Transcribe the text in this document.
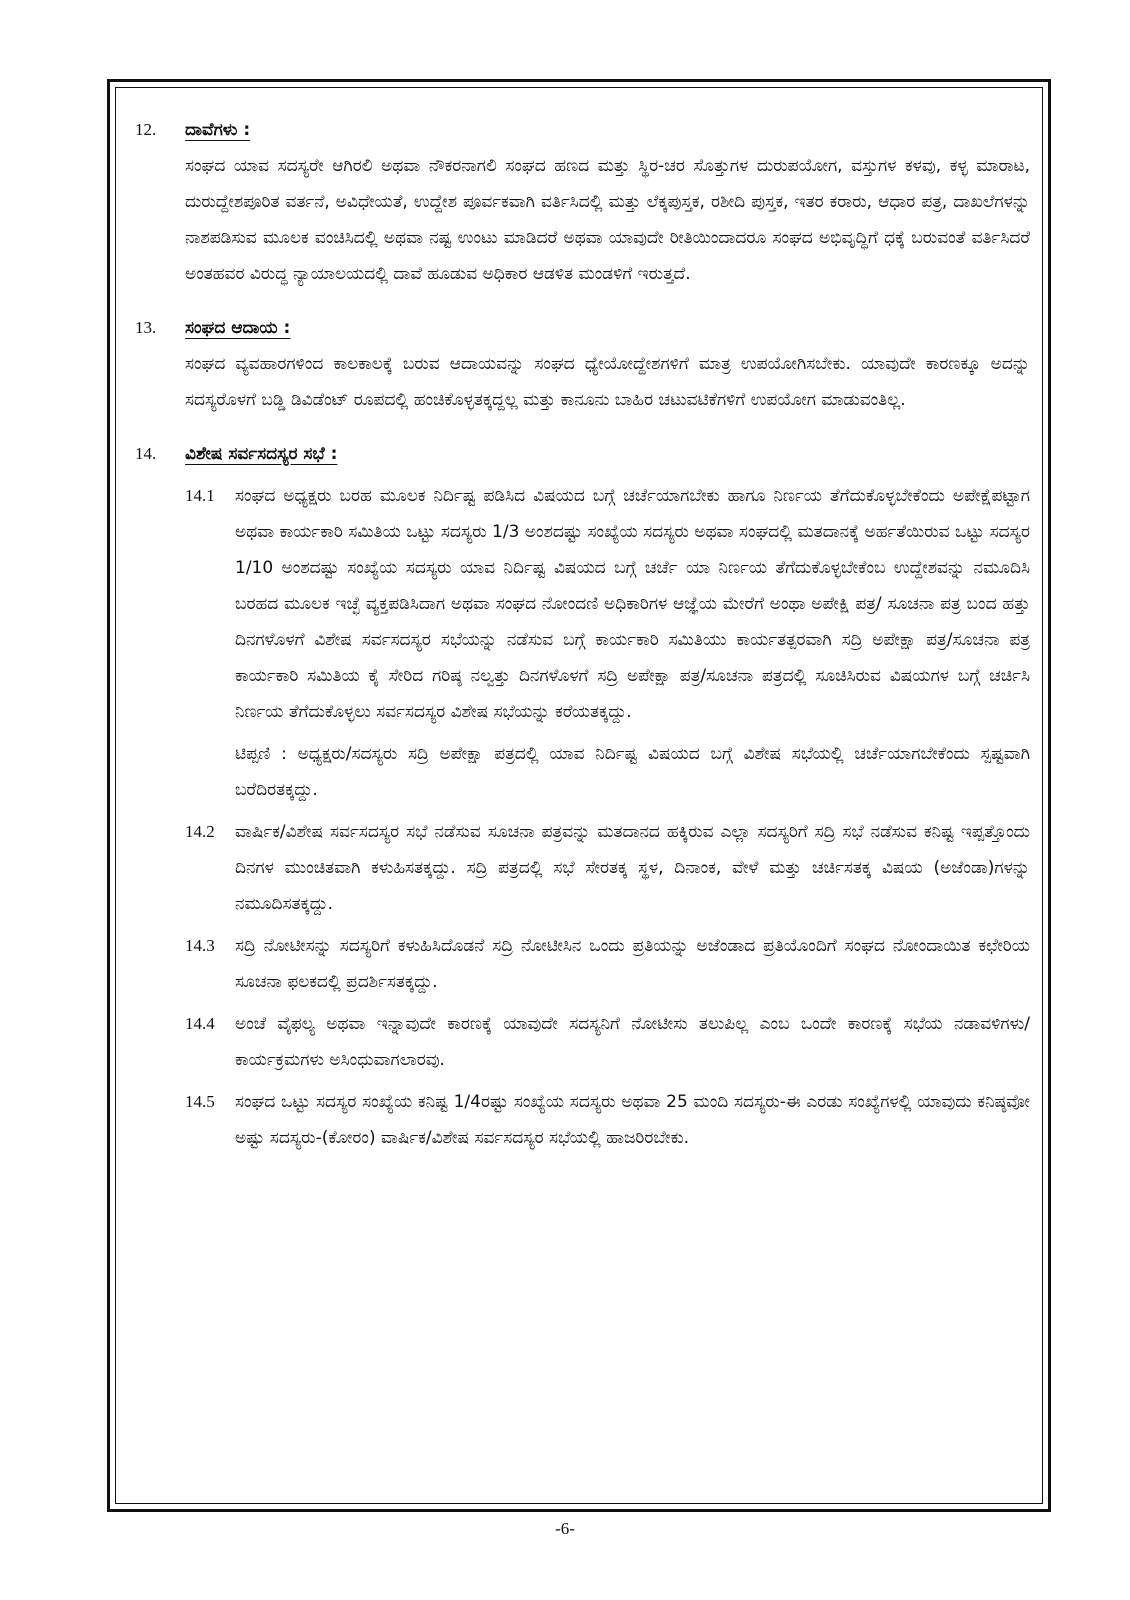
12.	ದಾವೆಗಳು :
ಸಂಘದ ಯಾವ ಸದಸ್ಯರೇ ಆಗಿರಲಿ ಅಥವಾ ನೌಕರನಾಗಲಿ ಸಂಘದ ಹಣದ ಮತ್ತು ಸ್ಥಿರ-ಚರ ಸೊತ್ತುಗಳ ದುರುಪಯೋಗ, ವಸ್ತುಗಳ ಕಳವು, ಕಳ್ಳ ಮಾರಾಟ, ದುರುದ್ದೇಶಪೂರಿತ ವರ್ತನೆ, ಅವಿಧೇಯತೆ, ಉದ್ದೇಶ ಪೂರ್ವಕವಾಗಿ ವರ್ತಿಸಿದಲ್ಲಿ ಮತ್ತು ಲೆಕ್ಕಪುಸ್ತಕ, ರಶೀದಿ ಪುಸ್ತಕ, ಇತರ ಕರಾರು, ಆಧಾರ ಪತ್ರ, ದಾಖಲೆಗಳನ್ನು ನಾಶಪಡಿಸುವ ಮೂಲಕ ವಂಚಿಸಿದಲ್ಲಿ ಅಥವಾ ನಷ್ಟ ಉಂಟು ಮಾಡಿದರೆ ಅಥವಾ ಯಾವುದೇ ರೀತಿಯಿಂದಾದರೂ ಸಂಘದ ಅಭಿವೃದ್ಧಿಗೆ ಧಕ್ಕೆ ಬರುವಂತೆ ವರ್ತಿಸಿದರೆ ಅಂತಹವರ ವಿರುದ್ಧ ನ್ಯಾಯಾಲಯದಲ್ಲಿ ದಾವೆ ಹೂಡುವ ಅಧಿಕಾರ ಆಡಳಿತ ಮಂಡಳಿಗೆ ಇರುತ್ತದೆ.
13.	ಸಂಘದ ಆದಾಯ :
ಸಂಘದ ವ್ಯವಹಾರಗಳಿಂದ ಕಾಲಕಾಲಕ್ಕೆ ಬರುವ ಆದಾಯವನ್ನು ಸಂಘದ ಧ್ಯೇಯೋದ್ದೇಶಗಳಿಗೆ ಮಾತ್ರ ಉಪಯೋಗಿಸಬೇಕು. ಯಾವುದೇ ಕಾರಣಕ್ಕೂ ಅದನ್ನು ಸದಸ್ಯರೊಳಗೆ ಬಡ್ಡಿ ಡಿವಿಡೆಂಟ್ ರೂಪದಲ್ಲಿ ಹಂಚಿಕೊಳ್ಳತಕ್ಕದ್ದಲ್ಲ ಮತ್ತು ಕಾನೂನು ಬಾಹಿರ ಚಟುವಟಿಕೆಗಳಿಗೆ ಉಪಯೋಗ ಮಾಡುವಂತಿಲ್ಲ.
14.	ವಿಶೇಷ ಸರ್ವಸದಸ್ಯರ ಸಭೆ :
14.1	ಸಂಘದ ಅಧ್ಯಕ್ಷರು ಬರಹ ಮೂಲಕ ನಿರ್ದಿಷ್ಟ ಪಡಿಸಿದ ವಿಷಯದ ಬಗ್ಗೆ ಚರ್ಚೆಯಾಗಬೇಕು ಹಾಗೂ ನಿರ್ಣಯ ತೆಗೆದುಕೊಳ್ಳಬೇಕೆಂದು ಅಪೇಕ್ಷೆಪಟ್ಟಾಗ ಅಥವಾ ಕಾರ್ಯಕಾರಿ ಸಮಿತಿಯ ಒಟ್ಟು ಸದಸ್ಯರು 1/3 ಅಂಶದಷ್ಟು ಸಂಖ್ಯೆಯ ಸದಸ್ಯರು ಅಥವಾ ಸಂಘದಲ್ಲಿ ಮತದಾನಕ್ಕೆ ಅರ್ಹತೆಯಿರುವ ಒಟ್ಟು ಸದಸ್ಯರ 1/10 ಅಂಶದಷ್ಟು ಸಂಖ್ಯೆಯ ಸದಸ್ಯರು ಯಾವ ನಿರ್ದಿಷ್ಟ ವಿಷಯದ ಬಗ್ಗೆ ಚರ್ಚೆ ಯಾ ನಿರ್ಣಯ ತೆಗೆದುಕೊಳ್ಳಬೇಕೆಂಬ ಉದ್ದೇಶವನ್ನು ನಮೂದಿಸಿ ಬರಹದ ಮೂಲಕ ಇಚ್ಛೆ ವ್ಯಕ್ತಪಡಿಸಿದಾಗ ಅಥವಾ ಸಂಘದ ನೋಂದಣಿ ಅಧಿಕಾರಿಗಳ ಆಜ್ಞೆಯ ಮೇರೆಗೆ ಅಂಥಾ ಅಪೇಕ್ಷಿ ಪತ್ರ/ ಸೂಚನಾ ಪತ್ರ ಬಂದ ಹತ್ತು ದಿನಗಳೊಳಗೆ ವಿಶೇಷ ಸರ್ವಸದಸ್ಯರ ಸಭೆಯನ್ನು ನಡೆಸುವ ಬಗ್ಗೆ ಕಾರ್ಯಕಾರಿ ಸಮಿತಿಯು ಕಾರ್ಯತತ್ಪರವಾಗಿ ಸದ್ರಿ ಅಪೇಕ್ಷಾ ಪತ್ರ/ಸೂಚನಾ ಪತ್ರ ಕಾರ್ಯಕಾರಿ ಸಮಿತಿಯ ಕೈ ಸೇರಿದ ಗರಿಷ್ಠ ನಲ್ವತ್ತು ದಿನಗಳೊಳಗೆ ಸದ್ರಿ ಅಪೇಕ್ಷಾ ಪತ್ರ/ಸೂಚನಾ ಪತ್ರದಲ್ಲಿ ಸೂಚಿಸಿರುವ ವಿಷಯಗಳ ಬಗ್ಗೆ ಚರ್ಚಿಸಿ ನಿರ್ಣಯ ತೆಗೆದುಕೊಳ್ಳಲು ಸರ್ವಸದಸ್ಯರ ವಿಶೇಷ ಸಭೆಯನ್ನು ಕರೆಯತಕ್ಕದ್ದು.
ಟಿಪ್ಪಣಿ : ಅಧ್ಯಕ್ಷರು/ಸದಸ್ಯರು ಸದ್ರಿ ಅಪೇಕ್ಷಾ ಪತ್ರದಲ್ಲಿ ಯಾವ ನಿರ್ದಿಷ್ಟ ವಿಷಯದ ಬಗ್ಗೆ ವಿಶೇಷ ಸಭೆಯಲ್ಲಿ ಚರ್ಚೆಯಾಗಬೇಕೆಂದು ಸ್ಪಷ್ಟವಾಗಿ ಬರೆದಿರತಕ್ಕದ್ದು.
14.2	ವಾರ್ಷಿಕ/ವಿಶೇಷ ಸರ್ವಸದಸ್ಯರ ಸಭೆ ನಡೆಸುವ ಸೂಚನಾ ಪತ್ರವನ್ನು ಮತದಾನದ ಹಕ್ಕಿರುವ ಎಲ್ಲಾ ಸದಸ್ಯರಿಗೆ ಸದ್ರಿ ಸಭೆ ನಡೆಸುವ ಕನಿಷ್ಟ ಇಪ್ಪತ್ತೊಂದು ದಿನಗಳ ಮುಂಚಿತವಾಗಿ ಕಳುಹಿಸತಕ್ಕದ್ದು. ಸದ್ರಿ ಪತ್ರದಲ್ಲಿ ಸಭೆ ಸೇರತಕ್ಕ ಸ್ಥಳ, ದಿನಾಂಕ, ವೇಳೆ ಮತ್ತು ಚರ್ಚಿಸತಕ್ಕ ವಿಷಯ (ಅಜೆಂಡಾ)ಗಳನ್ನು ನಮೂದಿಸತಕ್ಕದ್ದು.
14.3	ಸದ್ರಿ ನೋಟೀಸನ್ನು ಸದಸ್ಯರಿಗೆ ಕಳುಹಿಸಿದೊಡನೆ ಸದ್ರಿ ನೋಟೀಸಿನ ಒಂದು ಪ್ರತಿಯನ್ನು ಅಜೆಂಡಾದ ಪ್ರತಿಯೊಂದಿಗೆ ಸಂಘದ ನೋಂದಾಯಿತ ಕಛೇರಿಯ ಸೂಚನಾ ಫಲಕದಲ್ಲಿ ಪ್ರದರ್ಶಿಸತಕ್ಕದ್ದು.
14.4	ಅಂಚೆ ವೈಫಲ್ಯ ಅಥವಾ ಇನ್ನಾವುದೇ ಕಾರಣಕ್ಕೆ ಯಾವುದೇ ಸದಸ್ಯನಿಗೆ ನೋಟೀಸು ತಲುಪಿಲ್ಲ ಎಂಬ ಒಂದೇ ಕಾರಣಕ್ಕೆ ಸಭೆಯ ನಡಾವಳಿಗಳು/ಕಾರ್ಯಕ್ರಮಗಳು ಅಸಿಂಧುವಾಗಲಾರವು.
14.5	ಸಂಘದ ಒಟ್ಟು ಸದಸ್ಯರ ಸಂಖ್ಯೆಯ ಕನಿಷ್ಟ 1/4ರಷ್ಟು ಸಂಖ್ಯೆಯ ಸದಸ್ಯರು ಅಥವಾ 25 ಮಂದಿ ಸದಸ್ಯರು-ಈ ಎರಡು ಸಂಖ್ಯೆಗಳಲ್ಲಿ ಯಾವುದು ಕನಿಷ್ಠವೋ ಅಷ್ಟು ಸದಸ್ಯರು-(ಕೋರಂ) ವಾರ್ಷಿಕ/ವಿಶೇಷ ಸರ್ವಸದಸ್ಯರ ಸಭೆಯಲ್ಲಿ ಹಾಜರಿರಬೇಕು.
-6-
